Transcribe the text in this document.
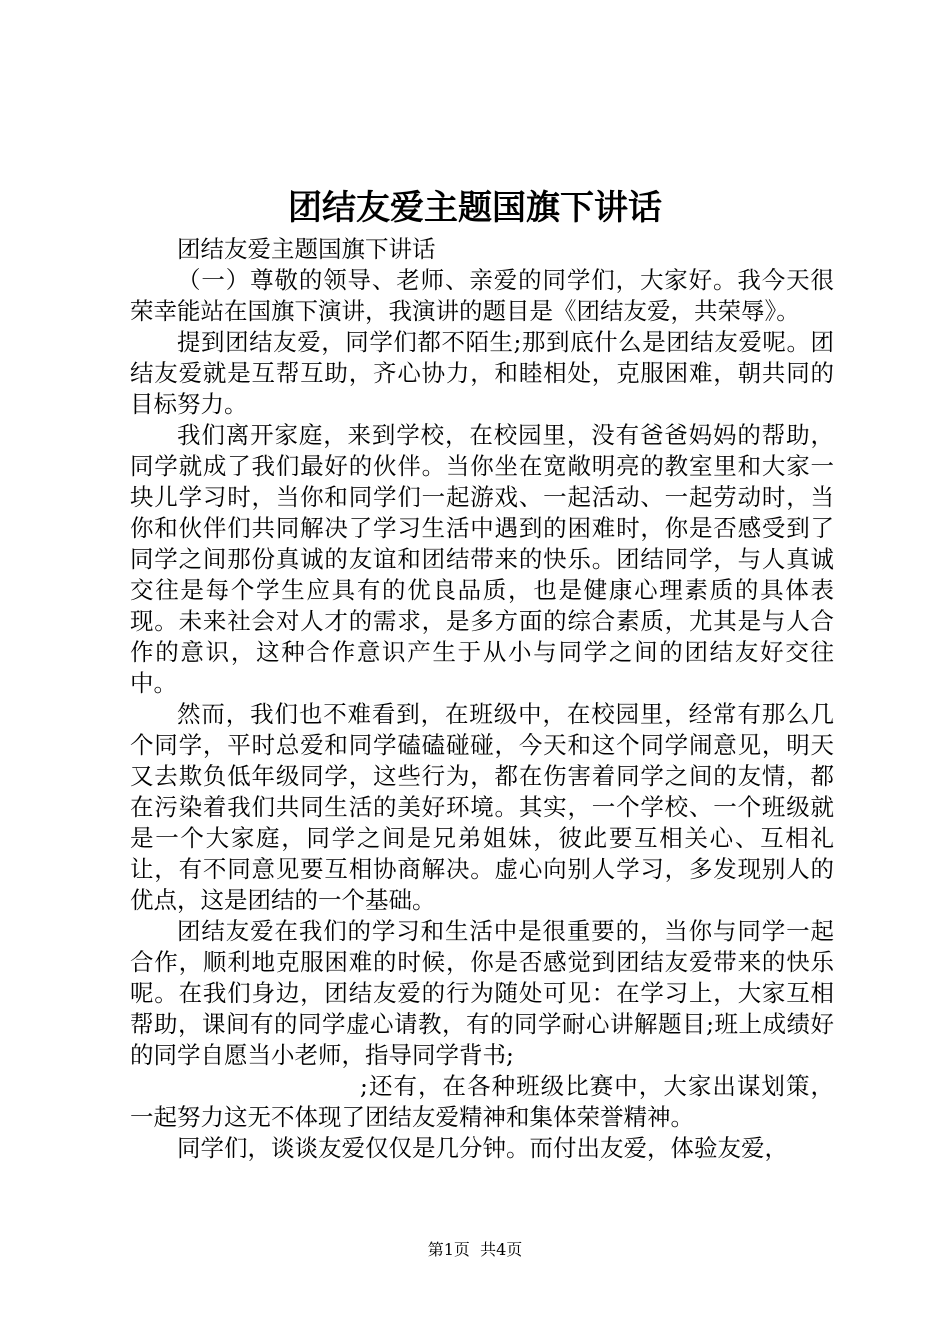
团结友爱主题国旗下讲话

团结友爱主题国旗下讲话

（一）尊敬的领导、老师、亲爱的同学们，大家好。我今天很荣幸能站在国旗下演讲，我演讲的题目是《团结友爱，共荣辱》。

提到团结友爱，同学们都不陌生;那到底什么是团结友爱呢。团结友爱就是互帮互助，齐心协力，和睦相处，克服困难，朝共同的目标努力。

我们离开家庭，来到学校，在校园里，没有爸爸妈妈的帮助，同学就成了我们最好的伙伴。当你坐在宽敞明亮的教室里和大家一块儿学习时，当你和同学们一起游戏、一起活动、一起劳动时，当你和伙伴们共同解决了学习生活中遇到的困难时，你是否感受到了同学之间那份真诚的友谊和团结带来的快乐。团结同学，与人真诚交往是每个学生应具有的优良品质，也是健康心理素质的具体表现。未来社会对人才的需求，是多方面的综合素质，尤其是与人合作的意识，这种合作意识产生于从小与同学之间的团结友好交往中。

然而，我们也不难看到，在班级中，在校园里，经常有那么几个同学，平时总爱和同学磕磕碰碰，今天和这个同学闹意见，明天又去欺负低年级同学，这些行为，都在伤害着同学之间的友情，都在污染着我们共同生活的美好环境。其实，一个学校、一个班级就是一个大家庭，同学之间是兄弟姐妹，彼此要互相关心、互相礼让，有不同意见要互相协商解决。虚心向别人学习，多发现别人的优点，这是团结的一个基础。

团结友爱在我们的学习和生活中是很重要的，当你与同学一起合作，顺利地克服困难的时候，你是否感觉到团结友爱带来的快乐呢。在我们身边，团结友爱的行为随处可见：在学习上，大家互相帮助，课间有的同学虚心请教，有的同学耐心讲解题目;班上成绩好的同学自愿当小老师，指导同学背书;

;还有，在各种班级比赛中，大家出谋划策，一起努力这无不体现了团结友爱精神和集体荣誉精神。

同学们，谈谈友爱仅仅是几分钟。而付出友爱，体验友爱，

第1页  共4页
